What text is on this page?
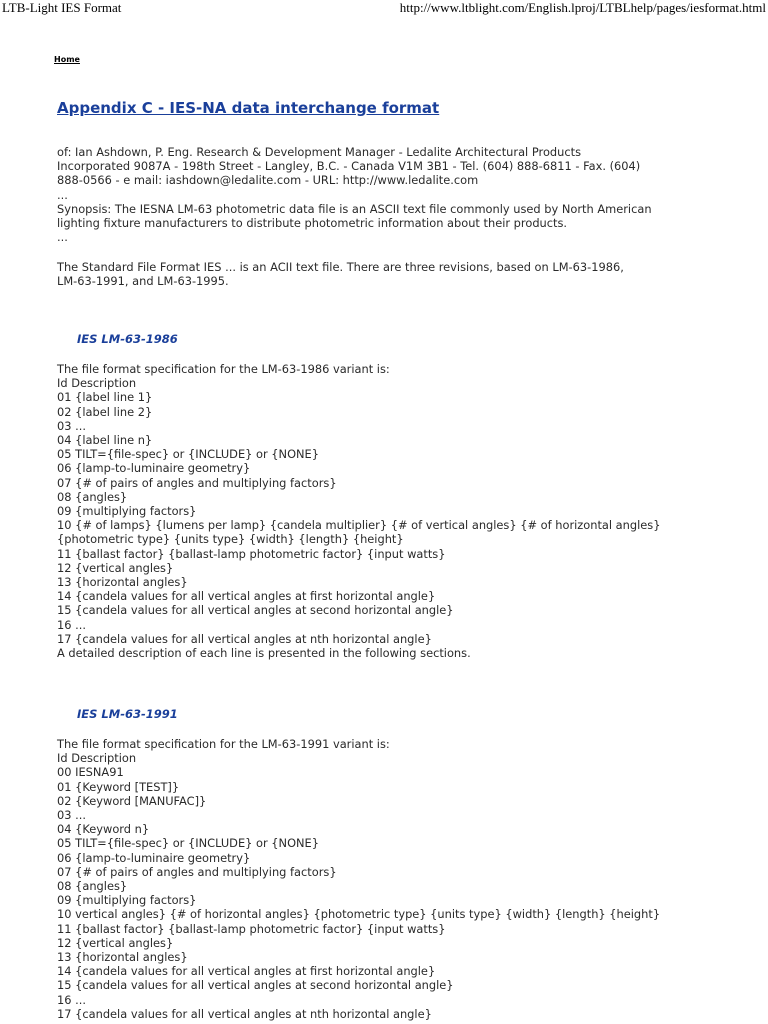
LTB-Light IES Format	http://www.ltblight.com/English.lproj/LTBLhelp/pages/iesformat.html
Home
Appendix C - IES-NA data interchange format
of: Ian Ashdown, P. Eng. Research & Development Manager - Ledalite Architectural Products
Incorporated 9087A - 198th Street - Langley, B.C. - Canada V1M 3B1 - Tel. (604) 888-6811 - Fax. (604)
888-0566 - e mail: iashdown@ledalite.com - URL: http://www.ledalite.com
...
Synopsis: The IESNA LM-63 photometric data file is an ASCII text file commonly used by North American
lighting fixture manufacturers to distribute photometric information about their products.
...
The Standard File Format IES ... is an ACII text file. There are three revisions, based on LM-63-1986,
LM-63-1991, and LM-63-1995.
IES LM-63-1986
The file format specification for the LM-63-1986 variant is:
Id Description
01 {label line 1}
02 {label line 2}
03 ...
04 {label line n}
05 TILT={file-spec} or {INCLUDE} or {NONE}
06 {lamp-to-luminaire geometry}
07 {# of pairs of angles and multiplying factors}
08 {angles}
09 {multiplying factors}
10 {# of lamps} {lumens per lamp} {candela multiplier} {# of vertical angles} {# of horizontal angles}
{photometric type} {units type} {width} {length} {height}
11 {ballast factor} {ballast-lamp photometric factor} {input watts}
12 {vertical angles}
13 {horizontal angles}
14 {candela values for all vertical angles at first horizontal angle}
15 {candela values for all vertical angles at second horizontal angle}
16 ...
17 {candela values for all vertical angles at nth horizontal angle}
A detailed description of each line is presented in the following sections.
IES LM-63-1991
The file format specification for the LM-63-1991 variant is:
Id Description
00 IESNA91
01 {Keyword [TEST]}
02 {Keyword [MANUFAC]}
03 ...
04 {Keyword n}
05 TILT={file-spec} or {INCLUDE} or {NONE}
06 {lamp-to-luminaire geometry}
07 {# of pairs of angles and multiplying factors}
08 {angles}
09 {multiplying factors}
10 vertical angles} {# of horizontal angles} {photometric type} {units type} {width} {length} {height}
11 {ballast factor} {ballast-lamp photometric factor} {input watts}
12 {vertical angles}
13 {horizontal angles}
14 {candela values for all vertical angles at first horizontal angle}
15 {candela values for all vertical angles at second horizontal angle}
16 ...
17 {candela values for all vertical angles at nth horizontal angle}
